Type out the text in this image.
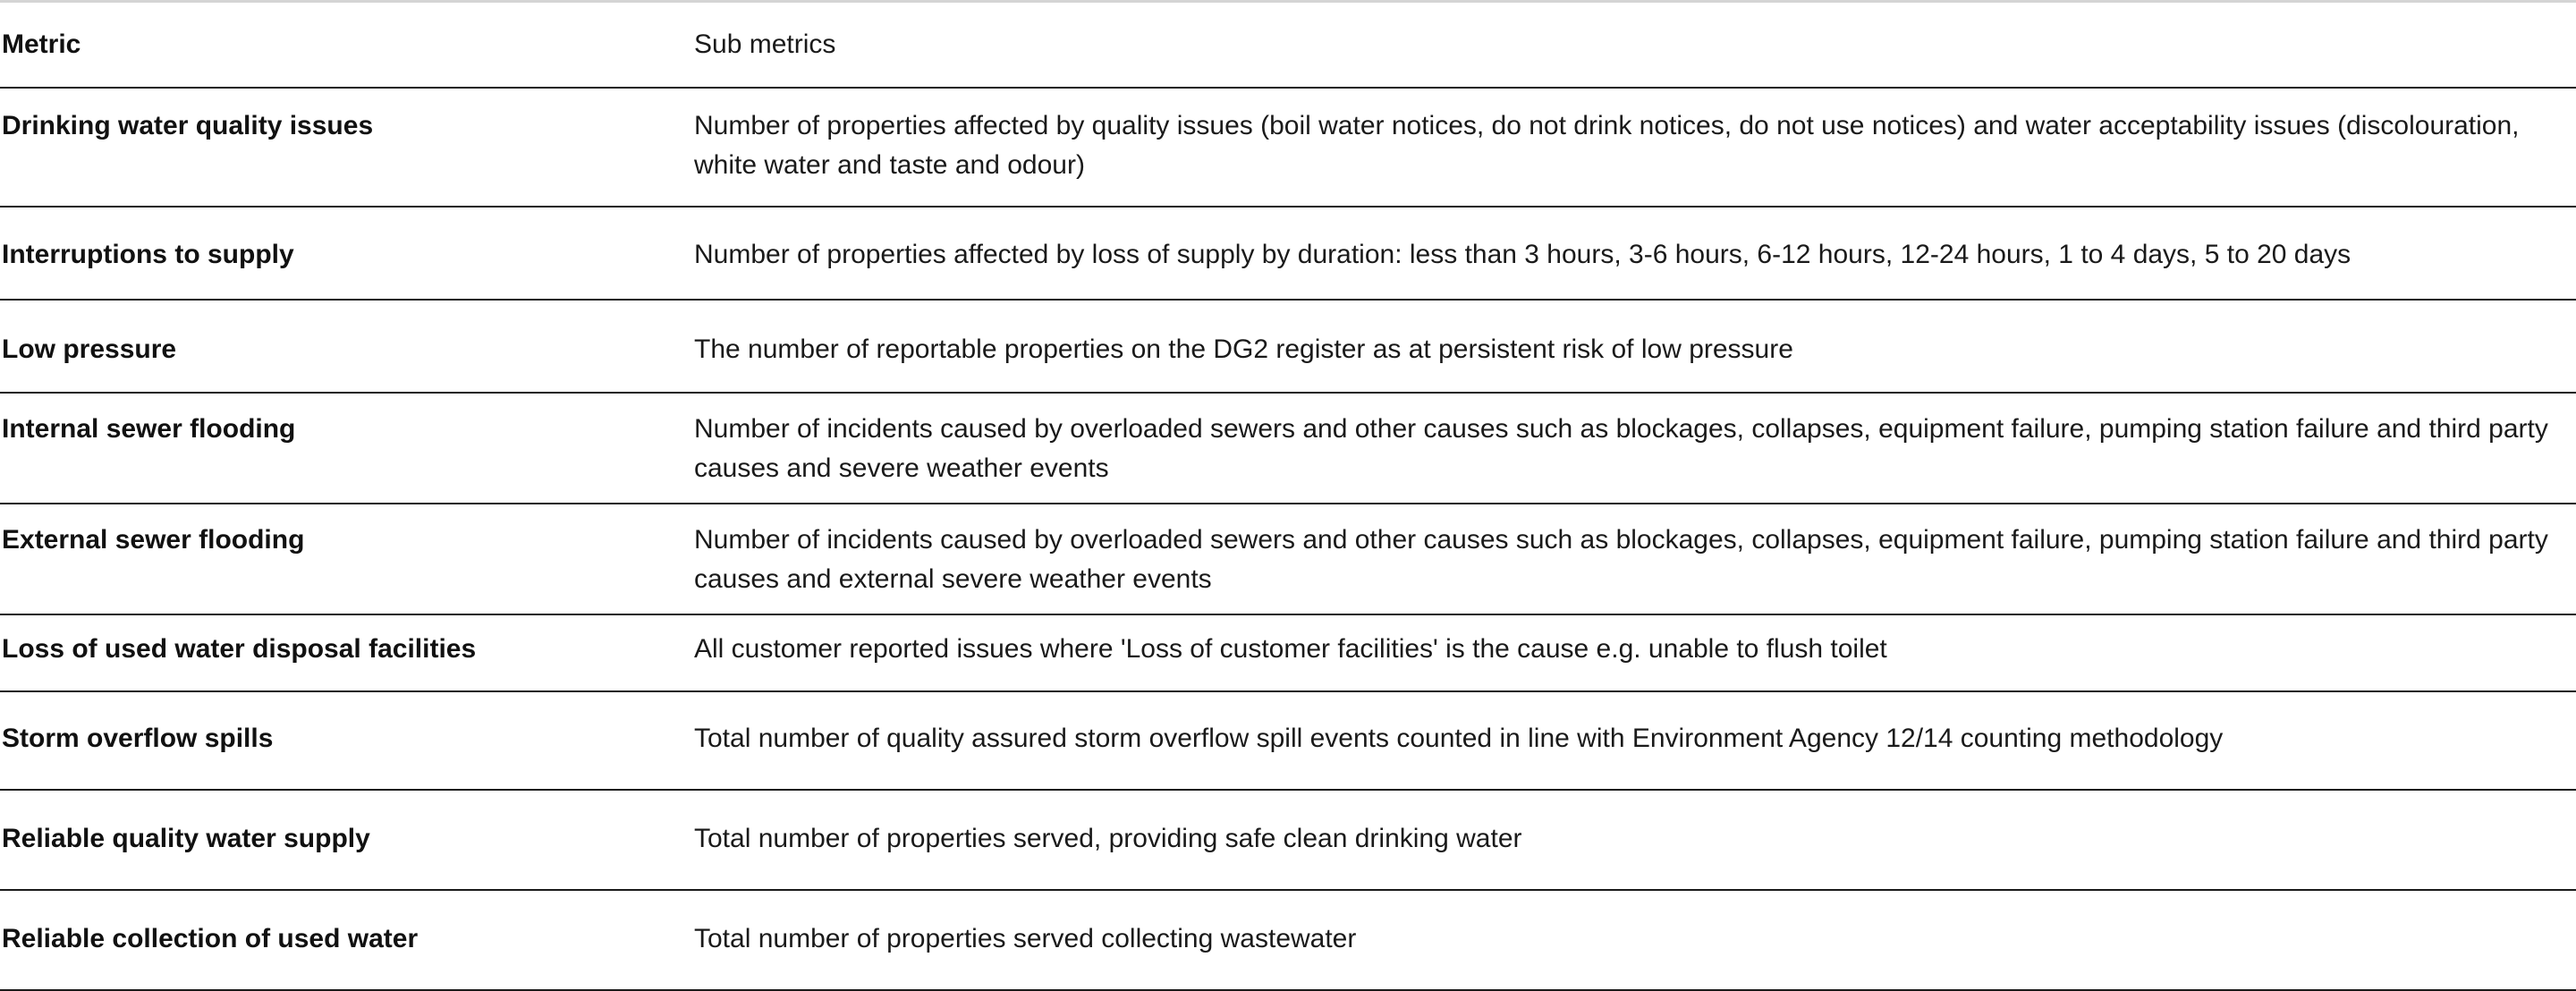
Metric	Sub metrics
Drinking water quality issues	Number of properties affected by quality issues (boil water notices, do not drink notices, do not use notices) and water acceptability issues (discolouration, white water and taste and odour)
Interruptions to supply	Number of properties affected by loss of supply by duration: less than 3 hours, 3-6 hours, 6-12 hours, 12-24 hours, 1 to 4 days, 5 to 20 days
Low pressure	The number of reportable properties on the DG2 register as at persistent risk of low pressure
Internal sewer flooding	Number of incidents caused by overloaded sewers and other causes such as blockages, collapses, equipment failure, pumping station failure and third party causes and severe weather events
External sewer flooding	Number of incidents caused by overloaded sewers and other causes such as blockages, collapses, equipment failure, pumping station failure and third party causes and external severe weather events
Loss of used water disposal facilities	All customer reported issues where 'Loss of customer facilities' is the cause e.g. unable to flush toilet
Storm overflow spills	Total number of quality assured storm overflow spill events counted in line with Environment Agency 12/14 counting methodology
Reliable quality water supply	Total number of properties served, providing safe clean drinking water
Reliable collection of used water	Total number of properties served collecting wastewater
